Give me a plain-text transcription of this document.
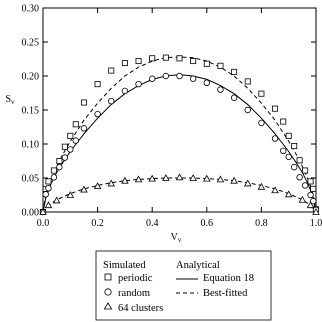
0.0	0.2	0.4	0.6	0.8	1.0
0.00
0.05
0.10
0.15
0.20
0.25
0.30
$V_v$
$S_v$
Simulated	Analytical
periodic
random
64 clusters
Equation 18
Best-fitted
